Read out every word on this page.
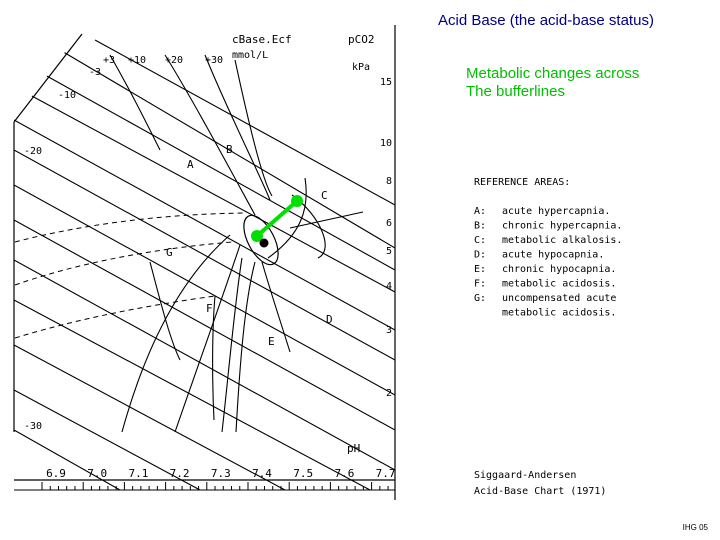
cBase.Ecf
mmol/L
pCO2
kPa
+3 +10 +20 +30
-3
-10
-20
-30
15
10
8
6
5
4
3
2
A
B
C
D
E
F
G
pH
6.9 7.0 7.1 7.2 7.3 7.4 7.5 7.6 7.7
REFERENCE AREAS:
A: acute hypercapnia.
B: chronic hypercapnia.
C: metabolic alkalosis.
D: acute hypocapnia.
E: chronic hypocapnia.
F: metabolic acidosis.
G: uncompensated acute
metabolic acidosis.
Siggaard-Andersen
Acid-Base Chart (1971)
Acid Base (the acid-base status)
Metabolic changes across
The bufferlines
IHG 05
